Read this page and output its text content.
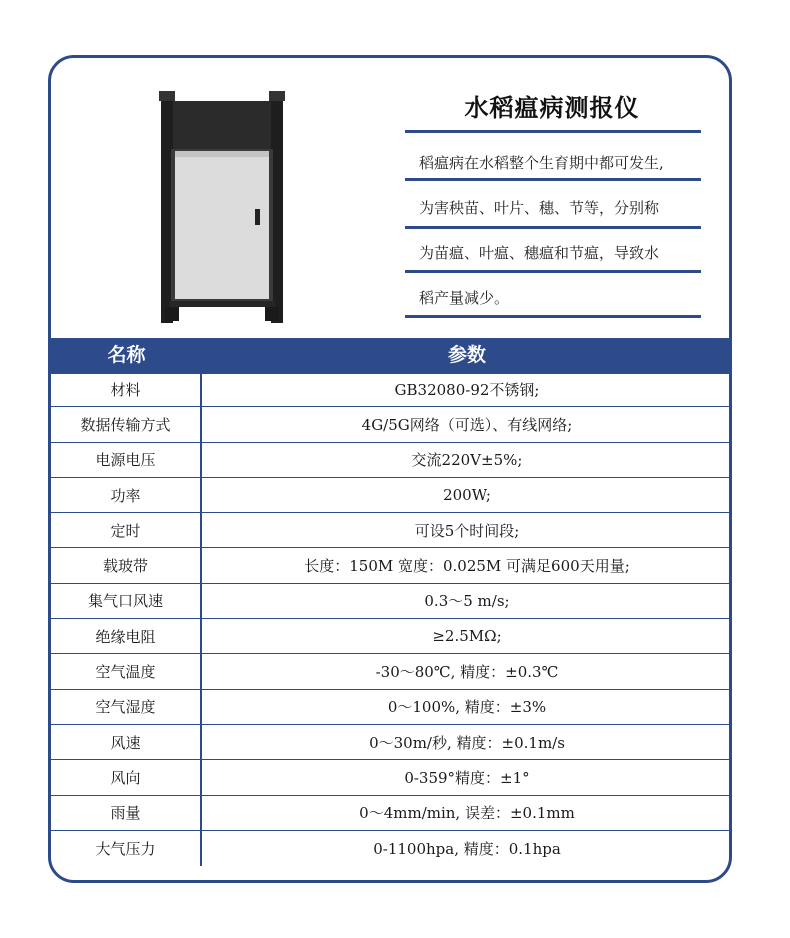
水稻瘟病测报仪
稻瘟病在水稻整个生育期中都可发生,
为害秧苗、叶片、穗、节等，分别称
为苗瘟、叶瘟、穗瘟和节瘟，导致水
稻产量减少。
名称	参数
材料	GB32080-92不锈钢;
数据传输方式	4G/5G网络（可选）、有线网络;
电源电压	交流220V±5%;
功率	200W;
定时	可设5个时间段;
载玻带	长度：150M 宽度：0.025M 可满足600天用量;
集气口风速	0.3～5 m/s;
绝缘电阻	≥2.5MΩ;
空气温度	-30～80℃, 精度：±0.3℃
空气湿度	0～100%, 精度：±3%
风速	0～30m/秒, 精度：±0.1m/s
风向	0-359°精度：±1°
雨量	0～4mm/min, 误差：±0.1mm
大气压力	0-1100hpa, 精度：0.1hpa
